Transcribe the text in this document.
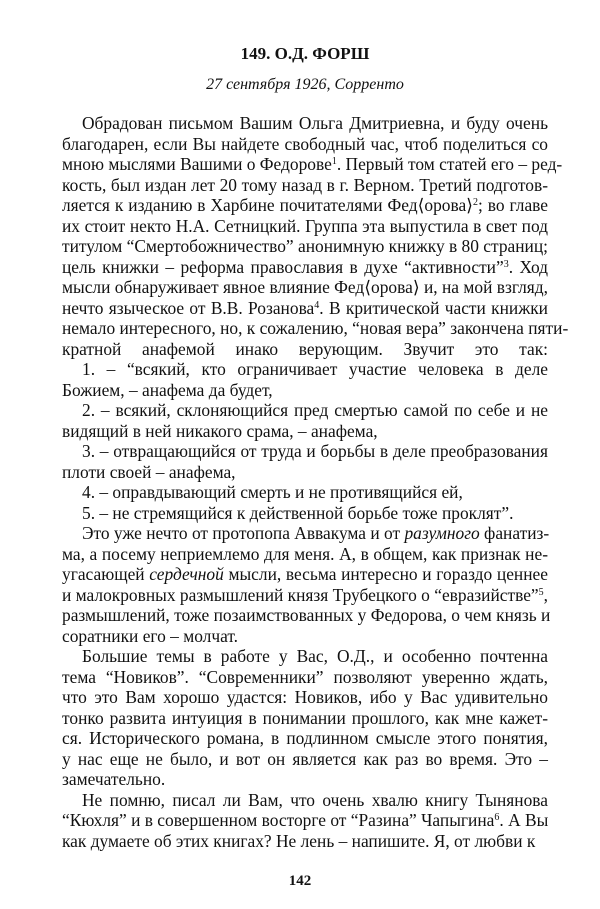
149. О.Д. ФОРШ
27 сентября 1926, Сорренто
Обрадован письмом Вашим Ольга Дмитриевна, и буду очень
благодарен, если Вы найдете свободный час, чтоб поделиться со
мною мыслями Вашими о Федорове$^1$. Первый том статей его – ред-
кость, был издан лет 20 тому назад в г. Верном. Третий подготов-
ляется к изданию в Харбине почитателями Фед⟨орова⟩$^2$; во главе
их стоит некто Н.А. Сетницкий. Группа эта выпустила в свет под
титулом “Смертобожничество” анонимную книжку в 80 страниц;
цель книжки – реформа православия в духе “активности”$^3$. Ход
мысли обнаруживает явное влияние Фед⟨орова⟩ и, на мой взгляд,
нечто языческое от В.В. Розанова$^4$. В критической части книжки
немало интересного, но, к сожалению, “новая вера” закончена пяти-
кратной анафемой инако верующим. Звучит это так:
1. – “всякий, кто ограничивает участие человека в деле
Божием, – анафема да будет,
2. – всякий, склоняющийся пред смертью самой по себе и не
видящий в ней никакого срама, – анафема,
3. – отвращающийся от труда и борьбы в деле преобразования
плоти своей – анафема,
4. – оправдывающий смерть и не противящийся ей,
5. – не стремящийся к действенной борьбе тоже проклят”.
Это уже нечто от протопопа Аввакума и от разумного фанатиз-
ма, а посему неприемлемо для меня. А, в общем, как признак не-
угасающей сердечной мысли, весьма интересно и гораздо ценнее
и малокровных размышлений князя Трубецкого о “евразийстве”$^5$,
размышлений, тоже позаимствованных у Федорова, о чем князь и
соратники его – молчат.
Большие темы в работе у Вас, О.Д., и особенно почтенна
тема “Новиков”. “Современники” позволяют уверенно ждать,
что это Вам хорошо удастся: Новиков, ибо у Вас удивительно
тонко развита интуиция в понимании прошлого, как мне кажет-
ся. Исторического романа, в подлинном смысле этого понятия,
у нас еще не было, и вот он является как раз во время. Это –
замечательно.
Не помню, писал ли Вам, что очень хвалю книгу Тынянова
“Кюхля” и в совершенном восторге от “Разина” Чапыгина$^6$. А Вы
как думаете об этих книгах? Не лень – напишите. Я, от любви к
142
